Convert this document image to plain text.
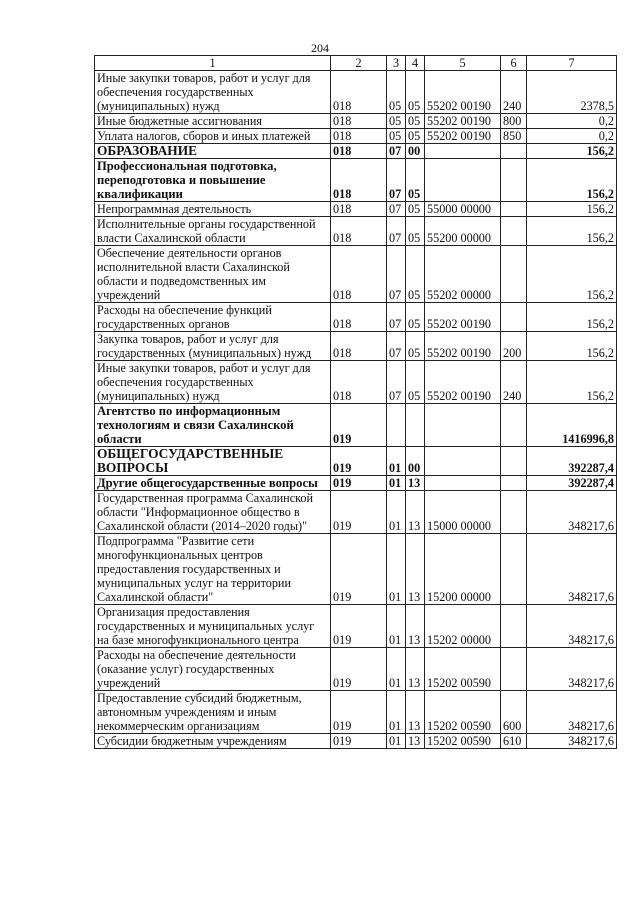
204
1	2	3	4	5	6	7
Иные закупки товаров, работ и услуг для обеспечения государственных (муниципальных) нужд	018	05	05	55202 00190	240	2378,5
Иные бюджетные ассигнования	018	05	05	55202 00190	800	0,2
Уплата налогов, сборов и иных платежей	018	05	05	55202 00190	850	0,2
ОБРАЗОВАНИЕ	018	07	00			156,2
Профессиональная подготовка, переподготовка и повышение квалификации	018	07	05			156,2
Непрограммная деятельность	018	07	05	55000 00000		156,2
Исполнительные органы государственной власти Сахалинской области	018	07	05	55200 00000		156,2
Обеспечение деятельности органов исполнительной власти Сахалинской области и подведомственных им учреждений	018	07	05	55202 00000		156,2
Расходы на обеспечение функций государственных органов	018	07	05	55202 00190		156,2
Закупка товаров, работ и услуг для государственных (муниципальных) нужд	018	07	05	55202 00190	200	156,2
Иные закупки товаров, работ и услуг для обеспечения государственных (муниципальных) нужд	018	07	05	55202 00190	240	156,2
Агентство по информационным технологиям и связи Сахалинской области	019					1416996,8
ОБЩЕГОСУДАРСТВЕННЫЕ ВОПРОСЫ	019	01	00			392287,4
Другие общегосударственные вопросы	019	01	13			392287,4
Государственная программа Сахалинской области "Информационное общество в Сахалинской области (2014–2020 годы)"	019	01	13	15000 00000		348217,6
Подпрограмма "Развитие сети многофункциональных центров предоставления государственных и муниципальных услуг на территории Сахалинской области"	019	01	13	15200 00000		348217,6
Организация предоставления государственных и муниципальных услуг на базе многофункционального центра	019	01	13	15202 00000		348217,6
Расходы на обеспечение деятельности (оказание услуг) государственных учреждений	019	01	13	15202 00590		348217,6
Предоставление субсидий бюджетным, автономным учреждениям и иным некоммерческим организациям	019	01	13	15202 00590	600	348217,6
Субсидии бюджетным учреждениям	019	01	13	15202 00590	610	348217,6
